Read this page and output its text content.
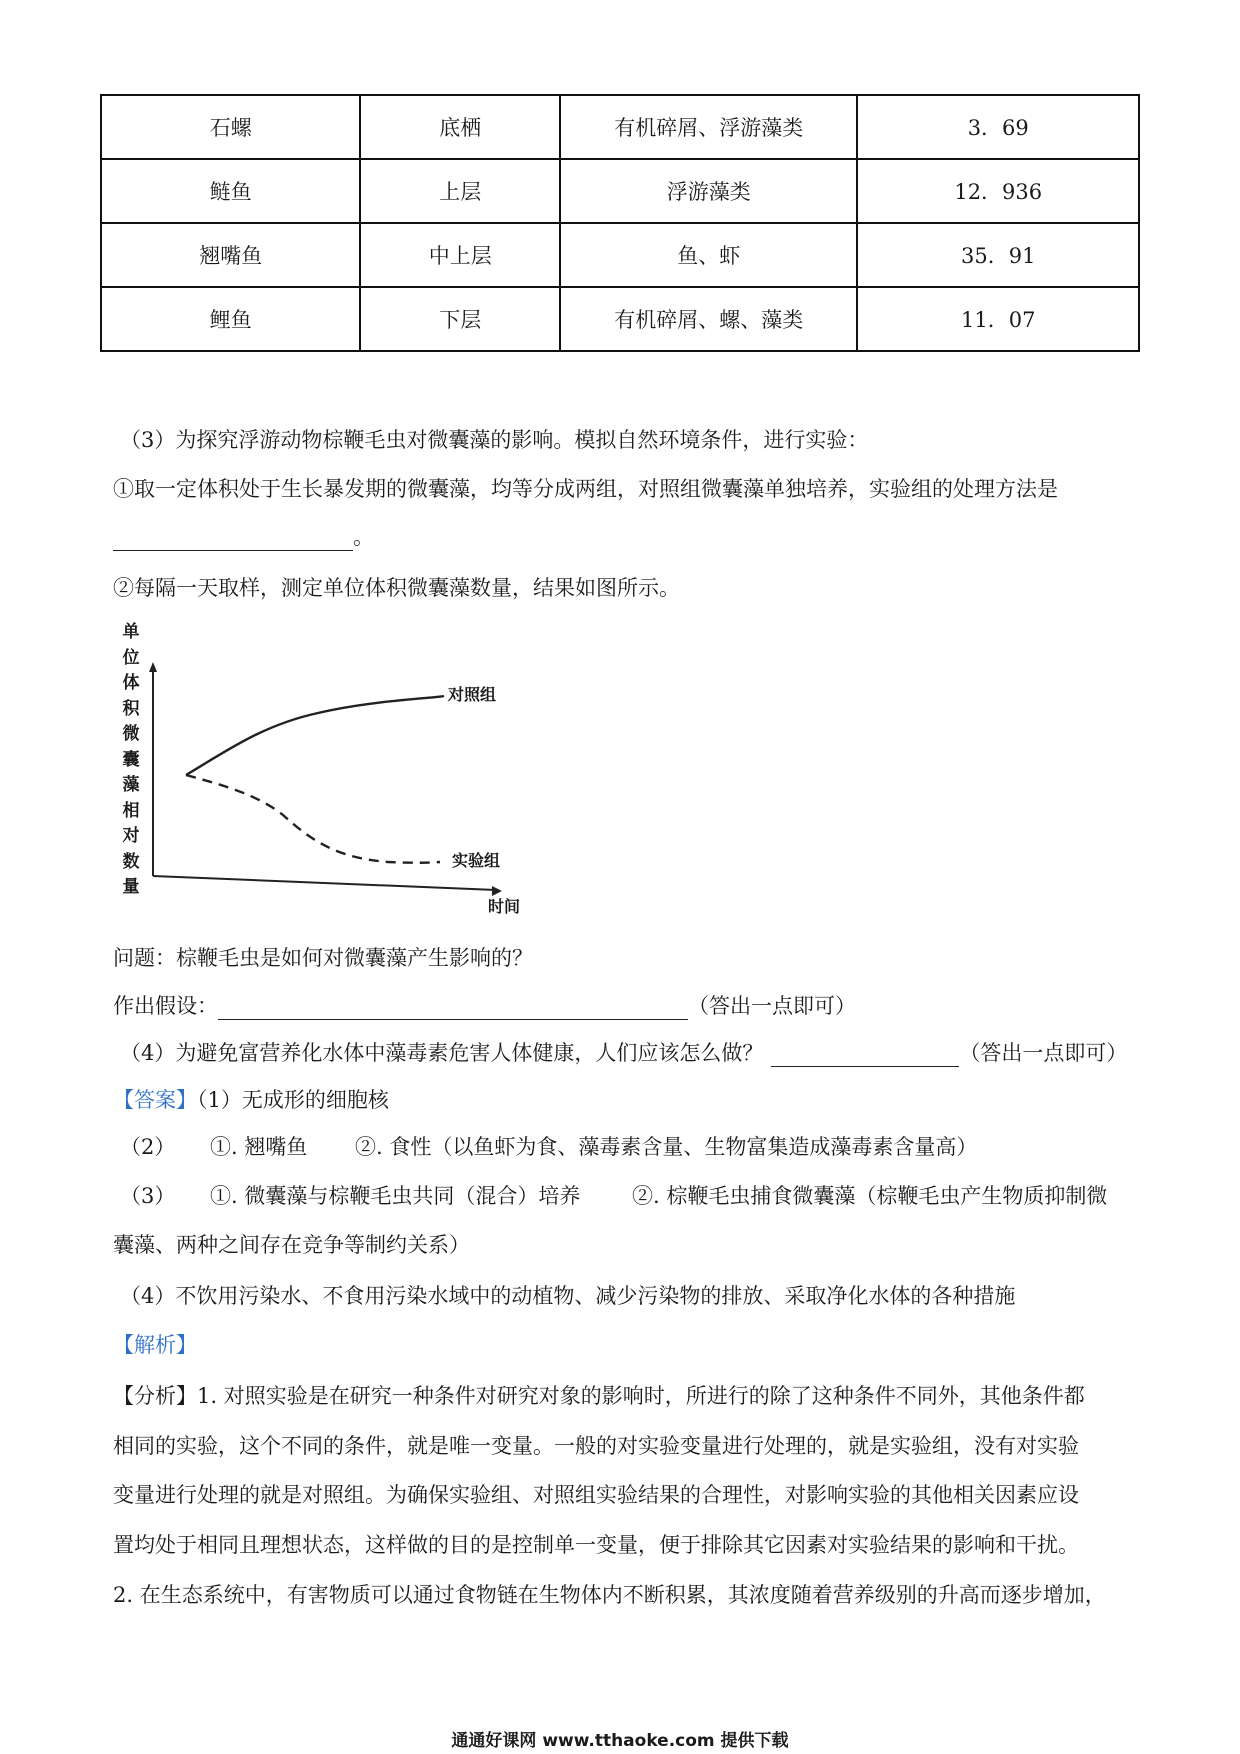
石螺	底栖	有机碎屑、浮游藻类	3．69
鲢鱼	上层	浮游藻类	12．936
翘嘴鱼	中上层	鱼、虾	35．91
鲤鱼	下层	有机碎屑、螺、藻类	11．07
（3）为探究浮游动物棕鞭毛虫对微囊藻的影响。模拟自然环境条件，进行实验：
①取一定体积处于生长暴发期的微囊藻，均等分成两组，对照组微囊藻单独培养，实验组的处理方法是
。
②每隔一天取样，测定单位体积微囊藻数量，结果如图所示。
单
位
体
积
微
囊
藻
相
对
数
量
对照组
实验组
时间
问题：棕鞭毛虫是如何对微囊藻产生影响的？
作出假设：	（答出一点即可）
（4）为避免富营养化水体中藻毒素危害人体健康，人们应该怎么做？	（答出一点即可）
【答案】（1）无成形的细胞核
（2） ①. 翘嘴鱼 ②. 食性（以鱼虾为食、藻毒素含量、生物富集造成藻毒素含量高）
（3） ①. 微囊藻与棕鞭毛虫共同（混合）培养 ②. 棕鞭毛虫捕食微囊藻（棕鞭毛虫产生物质抑制微
囊藻、两种之间存在竞争等制约关系）
（4）不饮用污染水、不食用污染水域中的动植物、减少污染物的排放、采取净化水体的各种措施
【解析】
【分析】1. 对照实验是在研究一种条件对研究对象的影响时，所进行的除了这种条件不同外，其他条件都
相同的实验，这个不同的条件，就是唯一变量。一般的对实验变量进行处理的，就是实验组，没有对实验
变量进行处理的就是对照组。为确保实验组、对照组实验结果的合理性，对影响实验的其他相关因素应设
置均处于相同且理想状态，这样做的目的是控制单一变量，便于排除其它因素对实验结果的影响和干扰。
2. 在生态系统中，有害物质可以通过食物链在生物体内不断积累，其浓度随着营养级别的升高而逐步增加，
通通好课网 www.tthaoke.com 提供下载
